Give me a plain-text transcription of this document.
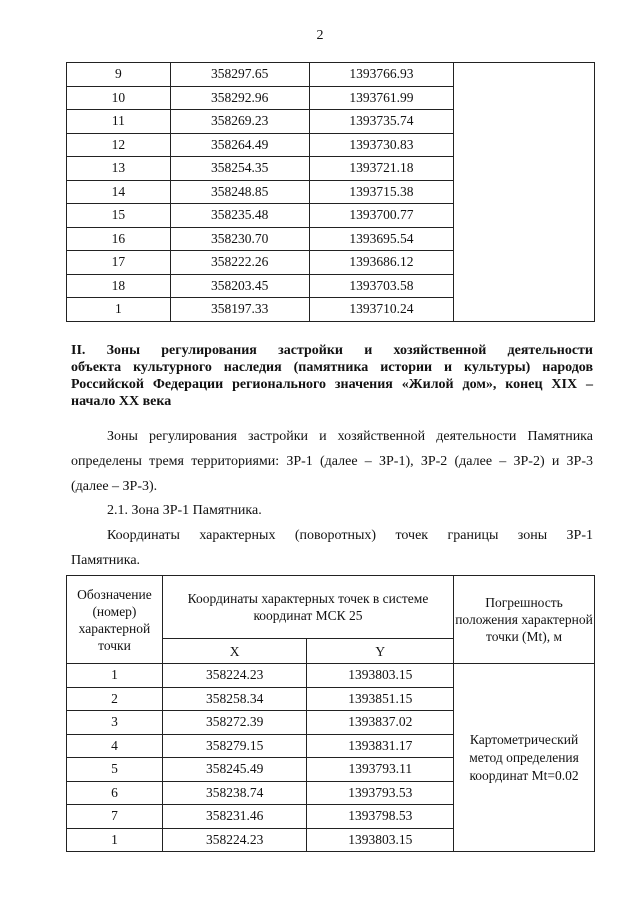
2
9	358297.65	1393766.93	
10	358292.96	1393761.99	
11	358269.23	1393735.74	
12	358264.49	1393730.83	
13	358254.35	1393721.18	
14	358248.85	1393715.38	
15	358235.48	1393700.77	
16	358230.70	1393695.54	
17	358222.26	1393686.12	
18	358203.45	1393703.58	
1	358197.33	1393710.24	
II. Зоны регулирования застройки и хозяйственной деятельности
объекта культурного наследия (памятника истории и культуры) народов
Российской Федерации регионального значения «Жилой дом», конец XIX –
начало XX века
Зоны регулирования застройки и хозяйственной деятельности Памятника
определены тремя территориями: ЗР-1 (далее – ЗР-1), ЗР-2 (далее – ЗР-2) и ЗР-3
(далее – ЗР-3).
2.1. Зона ЗР-1 Памятника.
Координаты характерных (поворотных) точек границы зоны ЗР-1
Памятника.
Обозначение (номер) характерной точки	Координаты характерных точек в системе координат МСК 25		Погрешность положения характерной точки (Mt), м
	X	Y	
1	358224.23	1393803.15	Картометрический метод определения координат Mt=0.02
2	358258.34	1393851.15	
3	358272.39	1393837.02	
4	358279.15	1393831.17	
5	358245.49	1393793.11	
6	358238.74	1393793.53	
7	358231.46	1393798.53	
1	358224.23	1393803.15	
